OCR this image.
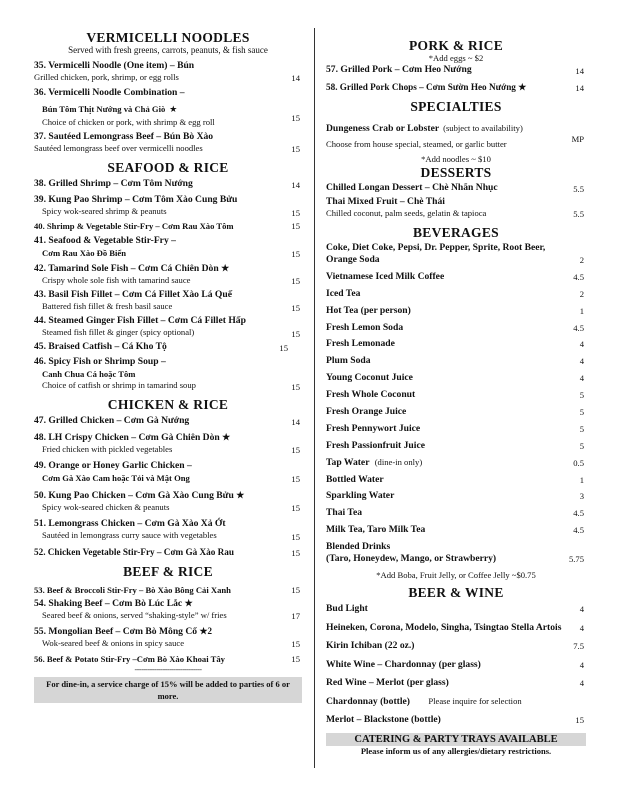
VERMICELLI NOODLES
Served with fresh greens, carrots, peanuts, & fish sauce
35. Vermicelli Noodle (One item) – Bún
Grilled chicken, pork, shrimp, or egg rolls	14
36. Vermicelli Noodle Combination –
Bún Tôm Thịt Nướng và Chả Giò ★
Choice of chicken or pork, with shrimp & egg roll	15
37. Sautéed Lemongrass Beef – Bún Bò Xào
Sautéed lemongrass beef over vermicelli noodles	15
SEAFOOD & RICE
38. Grilled Shrimp – Cơm Tôm Nướng	14
39. Kung Pao Shrimp – Cơm Tôm Xào Cung Bửu
Spicy wok-seared shrimp & peanuts	15
40. Shrimp & Vegetable Stir-Fry – Cơm Rau Xào Tôm	15
41. Seafood & Vegetable Stir-Fry –
Cơm Rau Xào Đồ Biển	15
42. Tamarind Sole Fish – Cơm Cá Chiên Dòn ★
Crispy whole sole fish with tamarind sauce	15
43. Basil Fish Fillet – Cơm Cá Fillet Xào Lá Quế
Battered fish fillet & fresh basil sauce	15
44. Steamed Ginger Fish Fillet – Cơm Cá Fillet Hấp
Steamed fish fillet & ginger (spicy optional)	15
45. Braised Catfish – Cá Kho Tộ	15
46. Spicy Fish or Shrimp Soup –
Canh Chua Cá hoặc Tôm
Choice of catfish or shrimp in tamarind soup	15
CHICKEN & RICE
47. Grilled Chicken – Cơm Gà Nướng	14
48. LH Crispy Chicken – Cơm Gà Chiên Dòn ★
Fried chicken with pickled vegetables	15
49. Orange or Honey Garlic Chicken –
Cơm Gà Xào Cam hoặc Tỏi và Mật Ong	15
50. Kung Pao Chicken – Cơm Gà Xào Cung Bửu ★
Spicy wok-seared chicken & peanuts	15
51. Lemongrass Chicken – Cơm Gà Xào Xả Ớt
Sautéed in lemongrass curry sauce with vegetables	15
52. Chicken Vegetable Stir-Fry – Cơm Gà Xào Rau	15
BEEF & RICE
53. Beef & Broccoli Stir-Fry – Bò Xào Bông Cải Xanh	15
54. Shaking Beef – Cơm Bò Lúc Lắc ★
Seared beef & onions, served “shaking-style” w/ fries	17
55. Mongolian Beef – Cơm Bò Mông Cổ ★2
Wok-seared beef & onions in spicy sauce	15
56. Beef & Potato Stir-Fry –Cơm Bò Xào Khoai Tây	15
-------------------------------
For dine-in, a service charge of 15% will be added to parties of 6 or more.
PORK & RICE
*Add eggs ~ $2
57. Grilled Pork – Cơm Heo Nướng	14
58. Grilled Pork Chops – Cơm Sườn Heo Nướng ★	14
SPECIALTIES
Dungeness Crab or Lobster (subject to availability)
Choose from house special, steamed, or garlic butter	MP
*Add noodles ~ $10
DESSERTS
Chilled Longan Dessert – Chè Nhãn Nhục	5.5
Thai Mixed Fruit – Chè Thái
Chilled coconut, palm seeds, gelatin & tapioca	5.5
BEVERAGES
Coke, Diet Coke, Pepsi, Dr. Pepper, Sprite, Root Beer, Orange Soda	2
Vietnamese Iced Milk Coffee	4.5
Iced Tea	2
Hot Tea (per person)	1
Fresh Lemon Soda	4.5
Fresh Lemonade	4
Plum Soda	4
Young Coconut Juice	4
Fresh Whole Coconut	5
Fresh Orange Juice	5
Fresh Pennywort Juice	5
Fresh Passionfruit Juice	5
Tap Water (dine-in only)	0.5
Bottled Water	1
Sparkling Water	3
Thai Tea	4.5
Milk Tea, Taro Milk Tea	4.5
Blended Drinks
(Taro, Honeydew, Mango, or Strawberry)	5.75
*Add Boba, Fruit Jelly, or Coffee Jelly ~$0.75
BEER & WINE
Bud Light	4
Heineken, Corona, Modelo, Singha, Tsingtao Stella Artois	4
Kirin Ichiban (22 oz.)	7.5
White Wine – Chardonnay (per glass)	4
Red Wine – Merlot (per glass)	4
Chardonnay (bottle) Please inquire for selection
Merlot – Blackstone (bottle)	15
CATERING & PARTY TRAYS AVAILABLE
Please inform us of any allergies/dietary restrictions.
